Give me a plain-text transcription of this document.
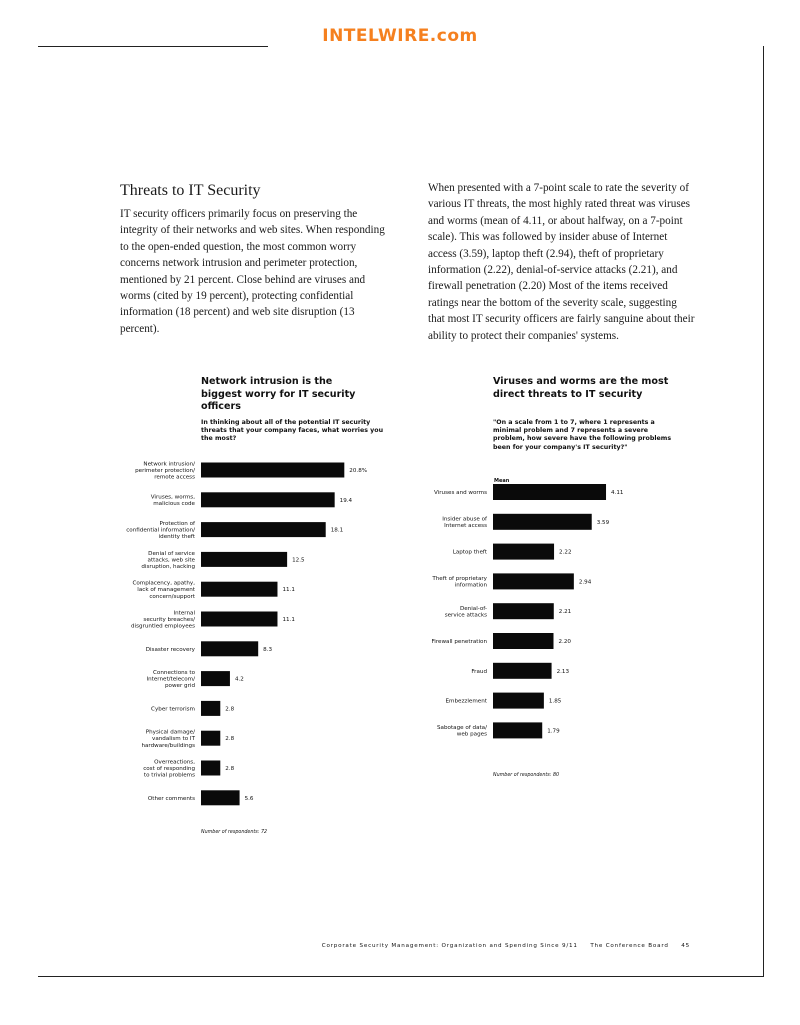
INTELWIRE.com
Threats to IT Security

IT security officers primarily focus on preserving the integrity of their networks and web sites. When responding to the open-ended question, the most common worry concerns network intrusion and perimeter protection, mentioned by 21 percent. Close behind are viruses and worms (cited by 19 percent), protecting confidential information (18 percent) and web site disruption (13 percent).

When presented with a 7-point scale to rate the severity of various IT threats, the most highly rated threat was viruses and worms (mean of 4.11, or about halfway, on a 7-point scale). This was followed by insider abuse of Internet access (3.59), laptop theft (2.94), theft of proprietary information (2.22), denial-of-service attacks (2.21), and firewall penetration (2.20) Most of the items received ratings near the bottom of the severity scale, suggesting that most IT security officers are fairly sanguine about their ability to protect their companies' systems.

Network intrusion is the biggest worry for IT security officers
In thinking about all of the potential IT security threats that your company faces, what worries you the most?
Viruses and worms are the most direct threats to IT security
"On a scale from 1 to 7, where 1 represents a minimal problem and 7 represents a severe problem, how severe have the following problems been for your company's IT security?"
20.8%
Network intrusion/
perimeter protection/
remote access
19.4
Viruses, worms,
malicious code
18.1
Protection of
confidential information/
identity theft
12.5
Denial of service
attacks, web site
disruption, hacking
11.1
Complacency, apathy,
lack of management
concern/support
11.1
Internal
security breaches/
disgruntled employees
8.3
Disaster recovery
4.2
Connections to
Internet/telecom/
power grid
2.8
Cyber terrorism
2.8
Physical damage/
vandalism to IT
hardware/buildings
2.8
Overreactions,
cost of responding
to trivial problems
5.6
Other comments
Number of respondents: 72
4.11
Viruses and worms
3.59
Insider abuse of
Internet access
2.22
Laptop theft
2.94
Theft of proprietary
information
2.21
Denial-of-
service attacks
2.20
Firewall penetration
2.13
Fraud
1.85
Embezzlement
1.79
Sabotage of data/
web pages
Mean
Number of respondents: 80
Corporate Security Management: Organization and Spending Since 9/11 The Conference Board 45
